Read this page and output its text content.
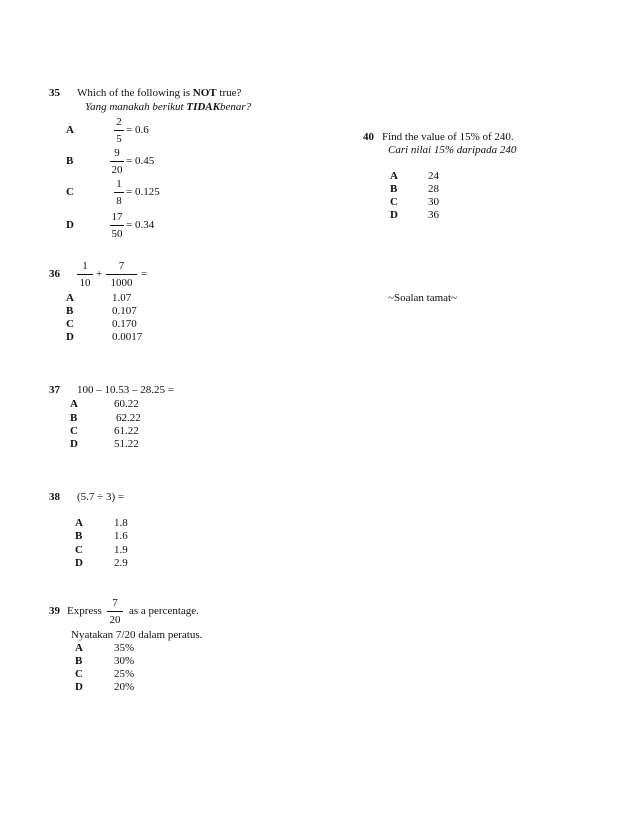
35 Which of the following is NOT true?
Yang manakah berikut TIDAKbenar?
A	$\frac{2}{5} = 0.6$
B	$\frac{9}{20} = 0.45$
C	$\frac{1}{8} = 0.125$
D	$\frac{17}{50} = 0.34$
$36 \frac{1}{10} + \frac{7}{1000}$ =
A	1.07
B	0.107
C	0.170
D	0.0017
37 100 – 10.53 – 28.25 =
A	60.22
B	62.22
C	61.22
D	51.22
38 (5.7 ÷ 3) =
A	1.8
B	1.6
C	1.9
D	2.9
39 Express $\frac{7}{20}$ as a percentage.
Nyatakan 7/20 dalam peratus.
A	35%
B	30%
C	25%
D	20%
40 Find the value of 15% of 240.
Cari nilai 15% daripada 240
A	24
B	28
C	30
D	36
~Soalan tamat~
